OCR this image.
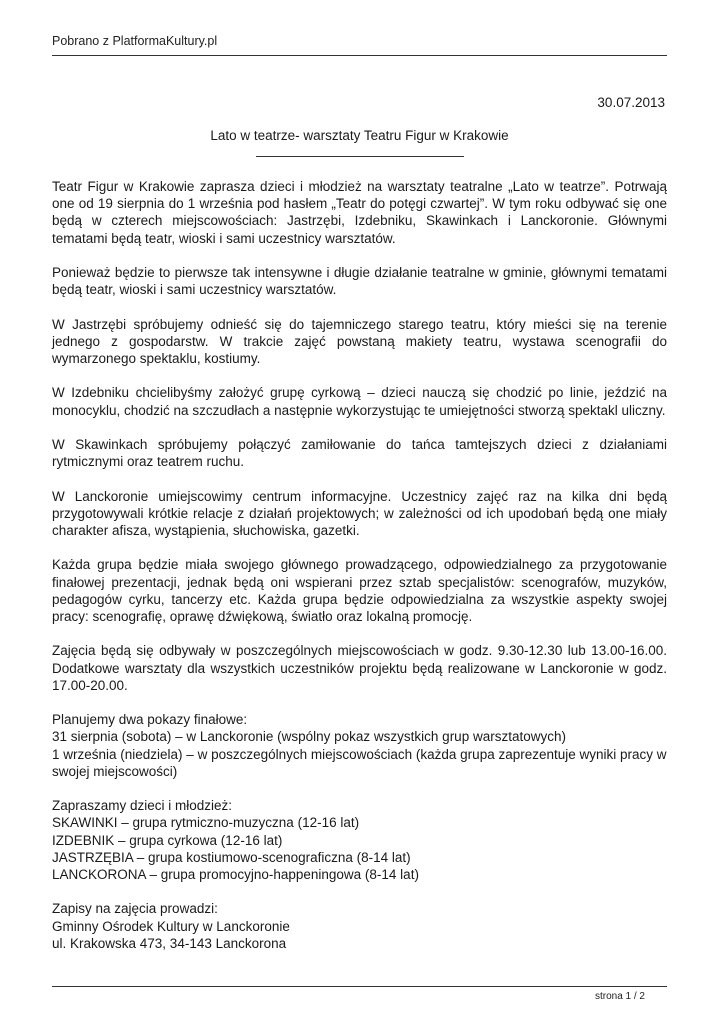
Pobrano z PlatformaKultury.pl
30.07.2013
Lato w teatrze- warsztaty Teatru Figur w Krakowie

Teatr Figur w Krakowie zaprasza dzieci i młodzież na warsztaty teatralne „Lato w teatrze”. Potrwają one od 19 sierpnia do 1 września pod hasłem „Teatr do potęgi czwartej”. W tym roku odbywać się one będą w czterech miejscowościach: Jastrzębi, Izdebniku, Skawinkach i Lanckoronie. Głównymi tematami będą teatr, wioski i sami uczestnicy warsztatów.

Ponieważ będzie to pierwsze tak intensywne i długie działanie teatralne w gminie, głównymi tematami będą teatr, wioski i sami uczestnicy warsztatów.

W Jastrzębi spróbujemy odnieść się do tajemniczego starego teatru, który mieści się na terenie jednego z gospodarstw. W trakcie zajęć powstaną makiety teatru, wystawa scenografii do wymarzonego spektaklu, kostiumy.

W Izdebniku chcielibyśmy założyć grupę cyrkową – dzieci nauczą się chodzić po linie, jeździć na monocyklu, chodzić na szczudłach a następnie wykorzystując te umiejętności stworzą spektakl uliczny.

W Skawinkach spróbujemy połączyć zamiłowanie do tańca tamtejszych dzieci z działaniami rytmicznymi oraz teatrem ruchu.

W Lanckoronie umiejscowimy centrum informacyjne. Uczestnicy zajęć raz na kilka dni będą przygotowywali krótkie relacje z działań projektowych; w zależności od ich upodobań będą one miały charakter afisza, wystąpienia, słuchowiska, gazetki.

Każda grupa będzie miała swojego głównego prowadzącego, odpowiedzialnego za przygotowanie finałowej prezentacji, jednak będą oni wspierani przez sztab specjalistów: scenografów, muzyków, pedagogów cyrku, tancerzy etc. Każda grupa będzie odpowiedzialna za wszystkie aspekty swojej pracy: scenografię, oprawę dźwiękową, światło oraz lokalną promocję.

Zajęcia będą się odbywały w poszczególnych miejscowościach w godz. 9.30-12.30 lub 13.00-16.00. Dodatkowe warsztaty dla wszystkich uczestników projektu będą realizowane w Lanckoronie w godz. 17.00-20.00.

Planujemy dwa pokazy finałowe:
31 sierpnia (sobota) – w Lanckoronie (wspólny pokaz wszystkich grup warsztatowych)
1 września (niedziela) – w poszczególnych miejscowościach (każda grupa zaprezentuje wyniki pracy w swojej miejscowości)
Zapraszamy dzieci i młodzież:
SKAWINKI – grupa rytmiczno-muzyczna (12-16 lat)
IZDEBNIK – grupa cyrkowa (12-16 lat)
JASTRZĘBIA – grupa kostiumowo-scenograficzna (8-14 lat)
LANCKORONA – grupa promocyjno-happeningowa (8-14 lat)
Zapisy na zajęcia prowadzi:
Gminny Ośrodek Kultury w Lanckoronie
ul. Krakowska 473, 34-143 Lanckorona
strona 1 / 2
